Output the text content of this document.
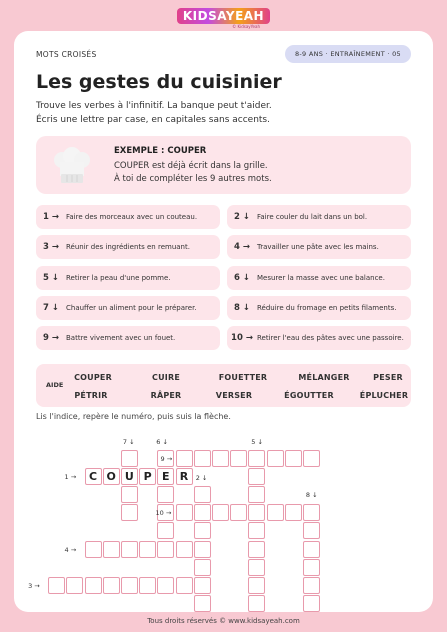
KIDSAYEAH
© KidsayYeah
MOTS CROISÉS	8-9 ANS · ENTRAÎNEMENT · 05
Les gestes du cuisinier
Trouve les verbes à l'infinitif. La banque peut t'aider.
Écris une lettre par case, en capitales sans accents.
EXEMPLE : COUPER
COUPER est déjà écrit dans la grille.
À toi de compléter les 9 autres mots.
1 →	Faire des morceaux avec un couteau.	2 ↓	Faire couler du lait dans un bol.
3 →	Réunir des ingrédients en remuant.	4 →	Travailler une pâte avec les mains.
5 ↓	Retirer la peau d'une pomme.	6 ↓	Mesurer la masse avec une balance.
7 ↓	Chauffer un aliment pour le préparer.	8 ↓	Réduire du fromage en petits filaments.
9 →	Battre vivement avec un fouet.	10 → Retirer l'eau des pâtes avec une passoire.
AIDE
COUPER	CUIRE	FOUETTER	MÉLANGER	PESER
PÉTRIR	RÂPER	VERSER	ÉGOUTTER	ÉPLUCHER
Lis l'indice, repère le numéro, puis suis la flèche.
C O U P E R
7 ↓	6 ↓	5 ↓
9 →
1 →	2 ↓
8 ↓
10 →
4 →
3 →
Tous droits réservés © www.kidsayeah.com
